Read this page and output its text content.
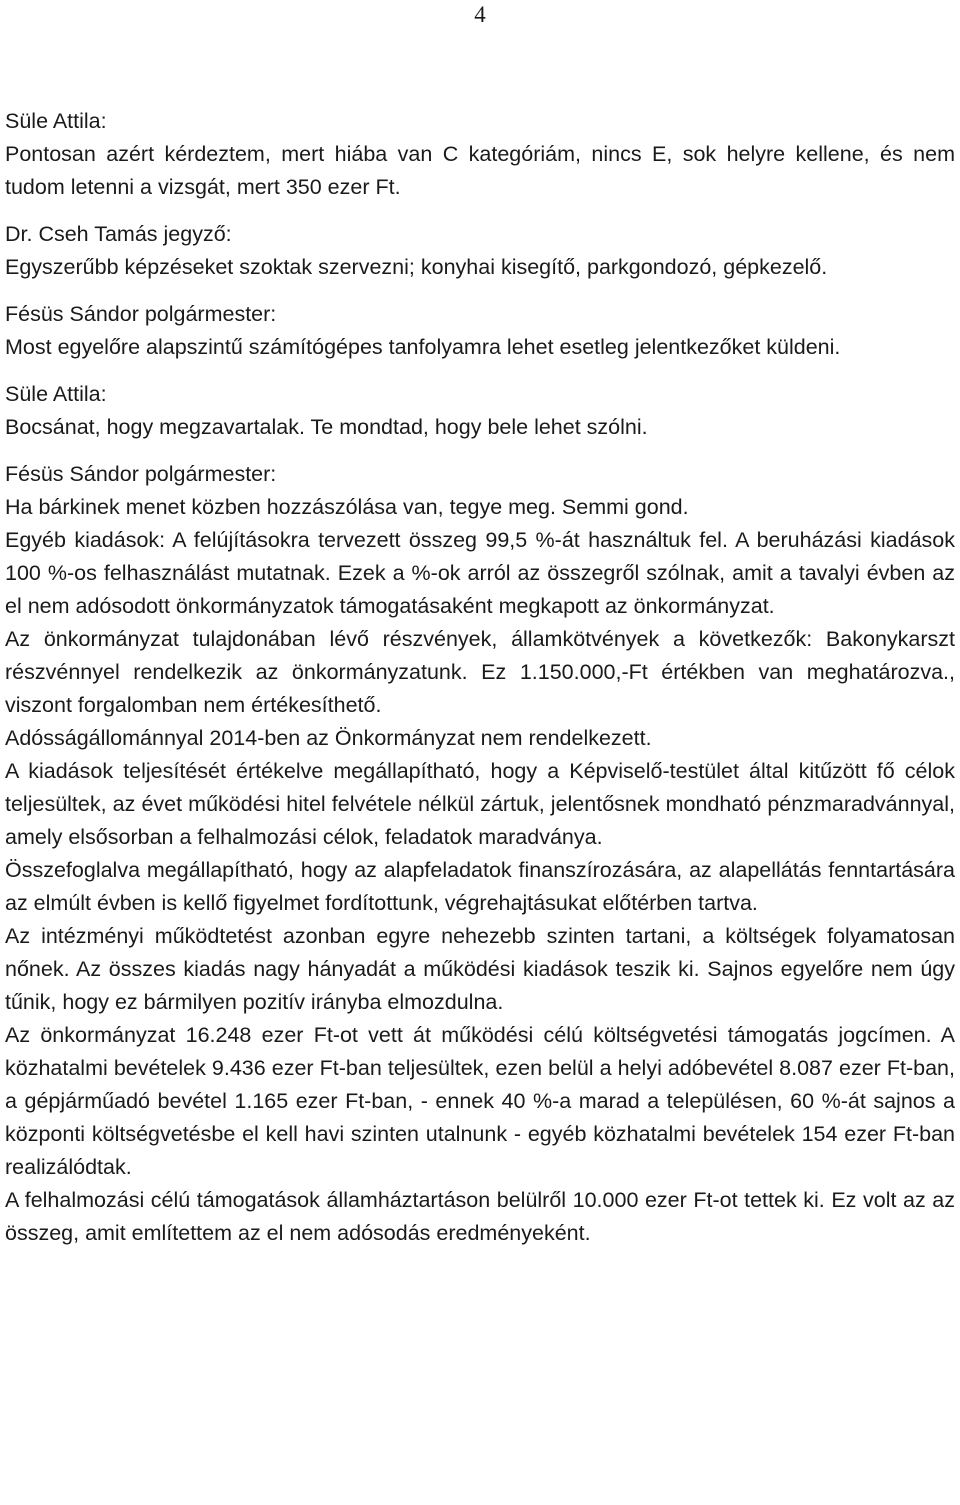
4
Süle Attila:
Pontosan azért kérdeztem, mert hiába van C kategóriám, nincs E, sok helyre kellene, és nem tudom letenni a vizsgát, mert 350 ezer Ft.
Dr. Cseh Tamás jegyző:
Egyszerűbb képzéseket szoktak szervezni; konyhai kisegítő, parkgondozó, gépkezelő.
Fésüs Sándor polgármester:
Most egyelőre alapszintű számítógépes tanfolyamra lehet esetleg jelentkezőket küldeni.
Süle Attila:
Bocsánat, hogy megzavartalak. Te mondtad, hogy bele lehet szólni.
Fésüs Sándor polgármester:
Ha bárkinek menet közben hozzászólása van, tegye meg. Semmi gond.
Egyéb kiadások: A felújításokra tervezett összeg 99,5 %-át használtuk fel. A beruházási kiadások 100 %-os felhasználást mutatnak. Ezek a %-ok arról az összegről szólnak, amit a tavalyi évben az el nem adósodott önkormányzatok támogatásaként megkapott az önkormányzat.
Az önkormányzat tulajdonában lévő részvények, államkötvények a következők: Bakonykarszt részvénnyel rendelkezik az önkormányzatunk. Ez 1.150.000,-Ft értékben van meghatározva., viszont forgalomban nem értékesíthető.
Adósságállománnyal 2014-ben az Önkormányzat nem rendelkezett.
A kiadások teljesítését értékelve megállapítható, hogy a Képviselő-testület által kitűzött fő célok teljesültek, az évet működési hitel felvétele nélkül zártuk, jelentősnek mondható pénzmaradvánnyal, amely elsősorban a felhalmozási célok, feladatok maradványa.
Összefoglalva megállapítható, hogy az alapfeladatok finanszírozására, az alapellátás fenntartására az elmúlt évben is kellő figyelmet fordítottunk, végrehajtásukat előtérben tartva.
Az intézményi működtetést azonban egyre nehezebb szinten tartani, a költségek folyamatosan nőnek. Az összes kiadás nagy hányadát a működési kiadások teszik ki. Sajnos egyelőre nem úgy tűnik, hogy ez bármilyen pozitív irányba elmozdulna.
Az önkormányzat 16.248 ezer Ft-ot vett át működési célú költségvetési támogatás jogcímen. A közhatalmi bevételek 9.436 ezer Ft-ban teljesültek, ezen belül a helyi adóbevétel 8.087 ezer Ft-ban, a gépjárműadó bevétel 1.165 ezer Ft-ban, - ennek 40 %-a marad a településen, 60 %-át sajnos a központi költségvetésbe el kell havi szinten utalnunk - egyéb közhatalmi bevételek 154 ezer Ft-ban realizálódtak.
A felhalmozási célú támogatások államháztartáson belülről 10.000 ezer Ft-ot tettek ki. Ez volt az az összeg, amit említettem az el nem adósodás eredményeként.
